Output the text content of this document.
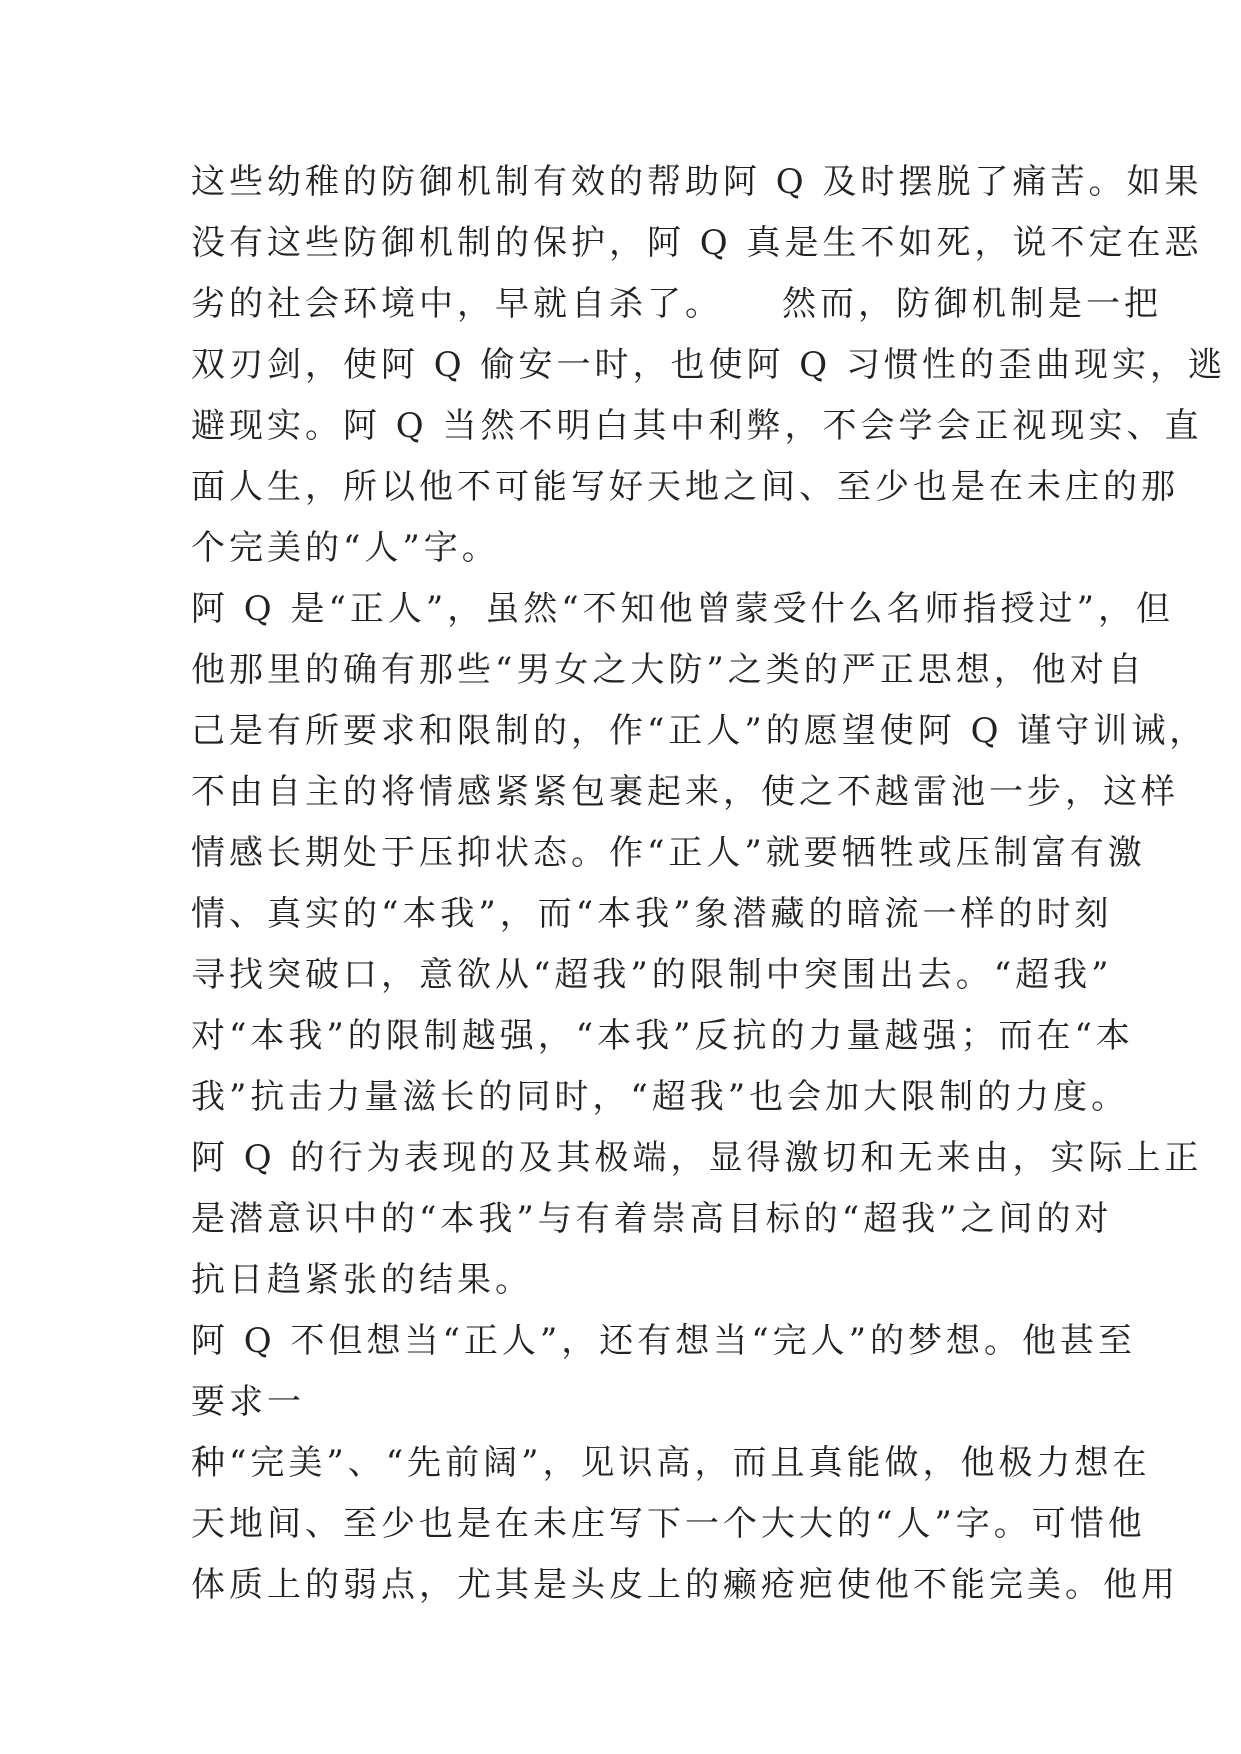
这些幼稚的防御机制有效的帮助阿 Q 及时摆脱了痛苦。如果
没有这些防御机制的保护，阿 Q 真是生不如死，说不定在恶
劣的社会环境中，早就自杀了。　　然而，防御机制是一把
双刃剑，使阿 Q 偷安一时，也使阿 Q 习惯性的歪曲现实，逃
避现实。阿 Q 当然不明白其中利弊，不会学会正视现实、直
面人生，所以他不可能写好天地之间、至少也是在未庄的那
个完美的“人”字。
阿 Q 是“正人”，虽然“不知他曾蒙受什么名师指授过”，但
他那里的确有那些“男女之大防”之类的严正思想，他对自
己是有所要求和限制的，作“正人”的愿望使阿 Q 谨守训诫，
不由自主的将情感紧紧包裹起来，使之不越雷池一步，这样
情感长期处于压抑状态。作“正人”就要牺牲或压制富有激
情、真实的“本我”，而“本我”象潜藏的暗流一样的时刻
寻找突破口，意欲从“超我”的限制中突围出去。“超我”
对“本我”的限制越强，“本我”反抗的力量越强；而在“本
我”抗击力量滋长的同时，“超我”也会加大限制的力度。
阿 Q 的行为表现的及其极端，显得激切和无来由，实际上正
是潜意识中的“本我”与有着崇高目标的“超我”之间的对
抗日趋紧张的结果。
阿 Q 不但想当“正人”，还有想当“完人”的梦想。他甚至
要求一
种“完美”、“先前阔”，见识高，而且真能做，他极力想在
天地间、至少也是在未庄写下一个大大的“人”字。可惜他
体质上的弱点，尤其是头皮上的癞疮疤使他不能完美。他用
